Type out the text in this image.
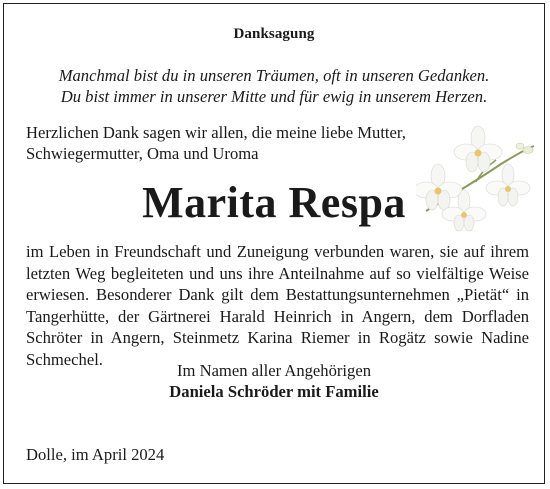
Danksagung
Manchmal bist du in unseren Träumen, oft in unseren Gedanken.
Du bist immer in unserer Mitte und für ewig in unserem Herzen.
Herzlichen Dank sagen wir allen, die meine liebe Mutter,
Schwiegermutter, Oma und Uroma
Marita Respa
im Leben in Freundschaft und Zuneigung verbunden waren, sie auf ihrem letzten Weg begleiteten und uns ihre Anteilnahme auf so vielfältige Weise erwiesen. Besonderer Dank gilt dem Bestattungsunternehmen „Pietät“ in Tangerhütte, der Gärtnerei Harald Heinrich in Angern, dem Dorfladen Schröter in Angern, Steinmetz Karina Riemer in Rogätz sowie Nadine Schmechel.
Im Namen aller Angehörigen
Daniela Schröder mit Familie
Dolle, im April 2024
